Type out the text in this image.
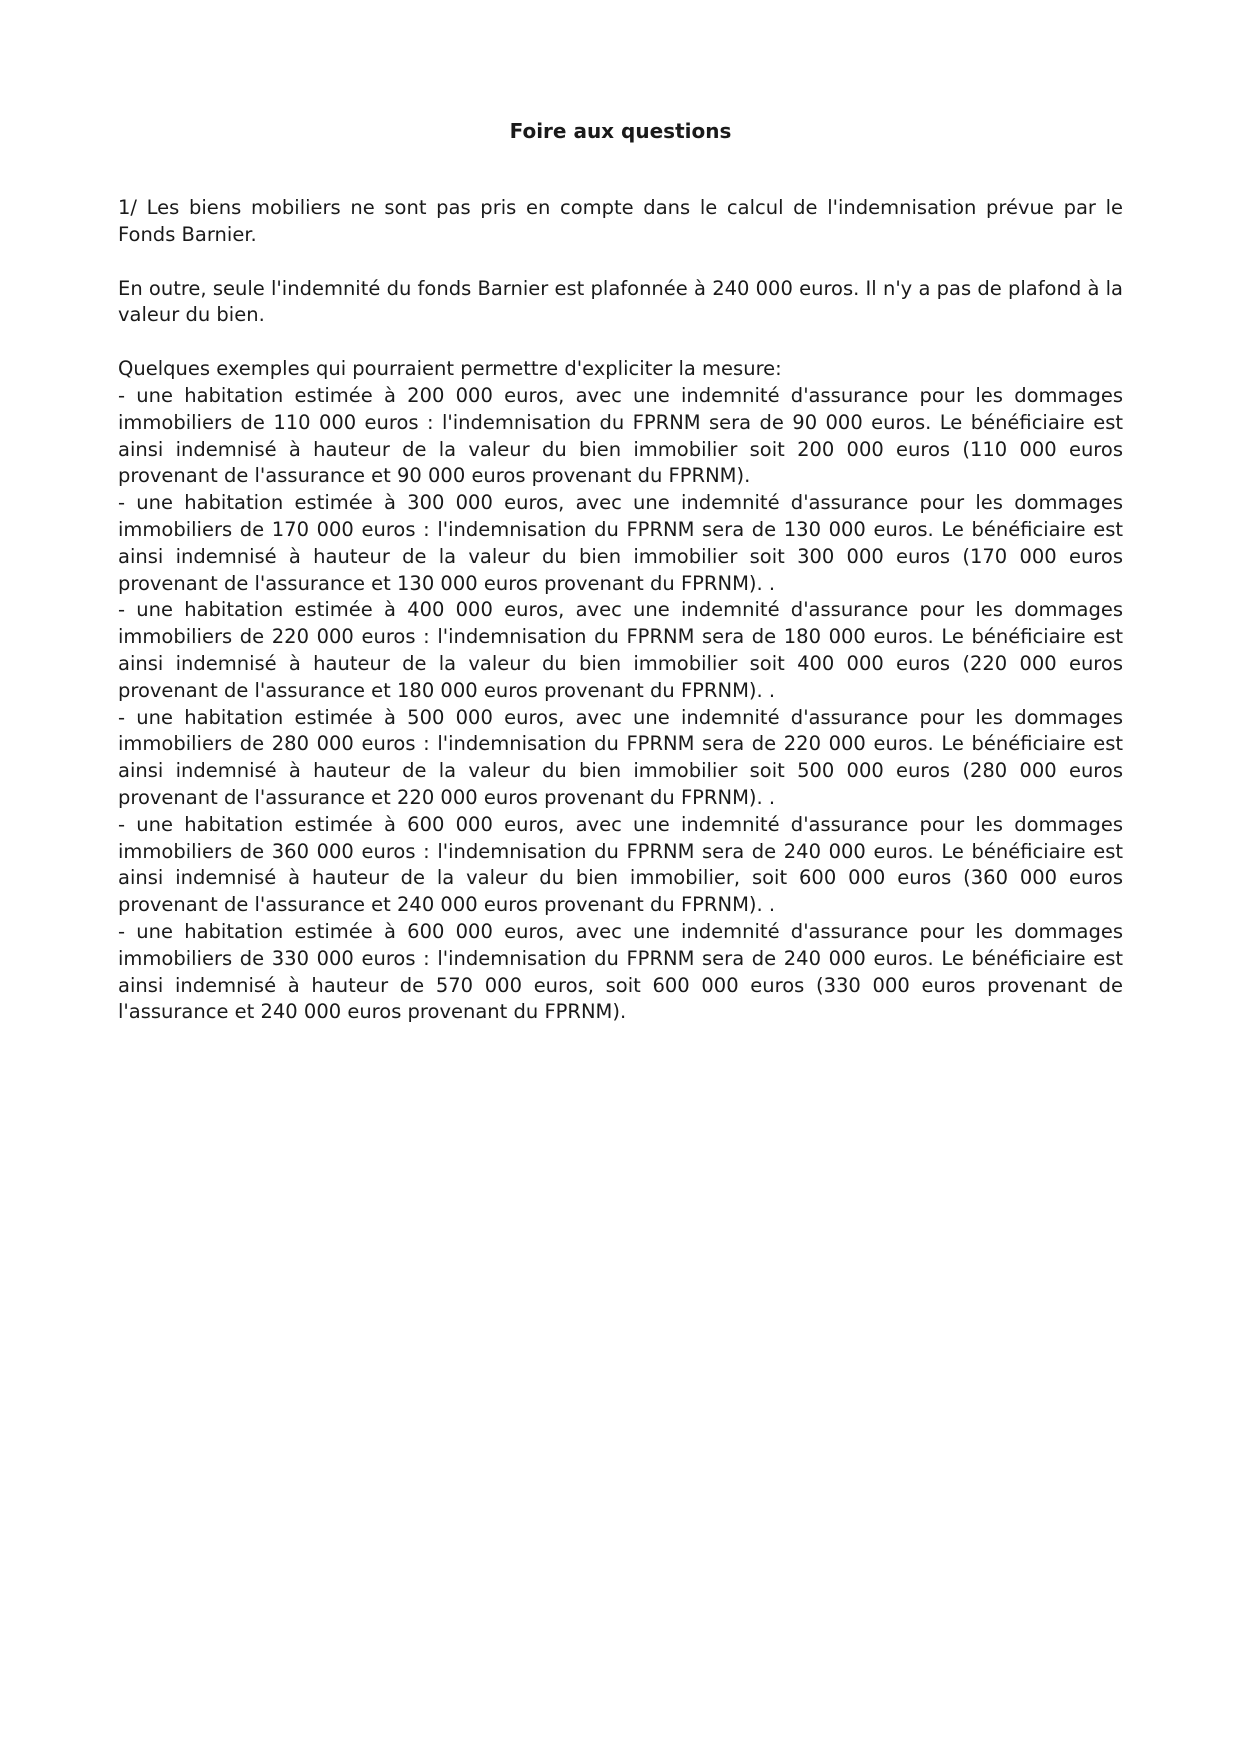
Foire aux questions

1/ Les biens mobiliers ne sont pas pris en compte dans le calcul de l'indemnisation prévue par le Fonds Barnier.

En outre, seule l'indemnité du fonds Barnier est plafonnée à 240 000 euros. Il n'y a pas de plafond à la valeur du bien.

Quelques exemples qui pourraient permettre d'expliciter la mesure:

- une habitation estimée à 200 000 euros, avec une indemnité d'assurance pour les dommages immobiliers de 110 000 euros : l'indemnisation du FPRNM sera de 90 000 euros. Le bénéficiaire est ainsi indemnisé à hauteur de la valeur du bien immobilier soit 200 000 euros (110 000 euros provenant de l'assurance et 90 000 euros provenant du FPRNM).

- une habitation estimée à 300 000 euros, avec une indemnité d'assurance pour les dommages immobiliers de 170 000 euros : l'indemnisation du FPRNM sera de 130 000 euros. Le bénéficiaire est ainsi indemnisé à hauteur de la valeur du bien immobilier soit 300 000 euros (170 000 euros provenant de l'assurance et 130 000 euros provenant du FPRNM). .

- une habitation estimée à 400 000 euros, avec une indemnité d'assurance pour les dommages immobiliers de 220 000 euros : l'indemnisation du FPRNM sera de 180 000 euros. Le bénéficiaire est ainsi indemnisé à hauteur de la valeur du bien immobilier soit 400 000 euros (220 000 euros provenant de l'assurance et 180 000 euros provenant du FPRNM). .

- une habitation estimée à 500 000 euros, avec une indemnité d'assurance pour les dommages immobiliers de 280 000 euros : l'indemnisation du FPRNM sera de 220 000 euros. Le bénéficiaire est ainsi indemnisé à hauteur de la valeur du bien immobilier soit 500 000 euros (280 000 euros provenant de l'assurance et 220 000 euros provenant du FPRNM). .

- une habitation estimée à 600 000 euros, avec une indemnité d'assurance pour les dommages immobiliers de 360 000 euros : l'indemnisation du FPRNM sera de 240 000 euros. Le bénéficiaire est ainsi indemnisé à hauteur de la valeur du bien immobilier, soit 600 000 euros (360 000 euros provenant de l'assurance et 240 000 euros provenant du FPRNM). .

- une habitation estimée à 600 000 euros, avec une indemnité d'assurance pour les dommages immobiliers de 330 000 euros : l'indemnisation du FPRNM sera de 240 000 euros. Le bénéficiaire est ainsi indemnisé à hauteur de 570 000 euros, soit 600 000 euros (330 000 euros provenant de l'assurance et 240 000 euros provenant du FPRNM).
